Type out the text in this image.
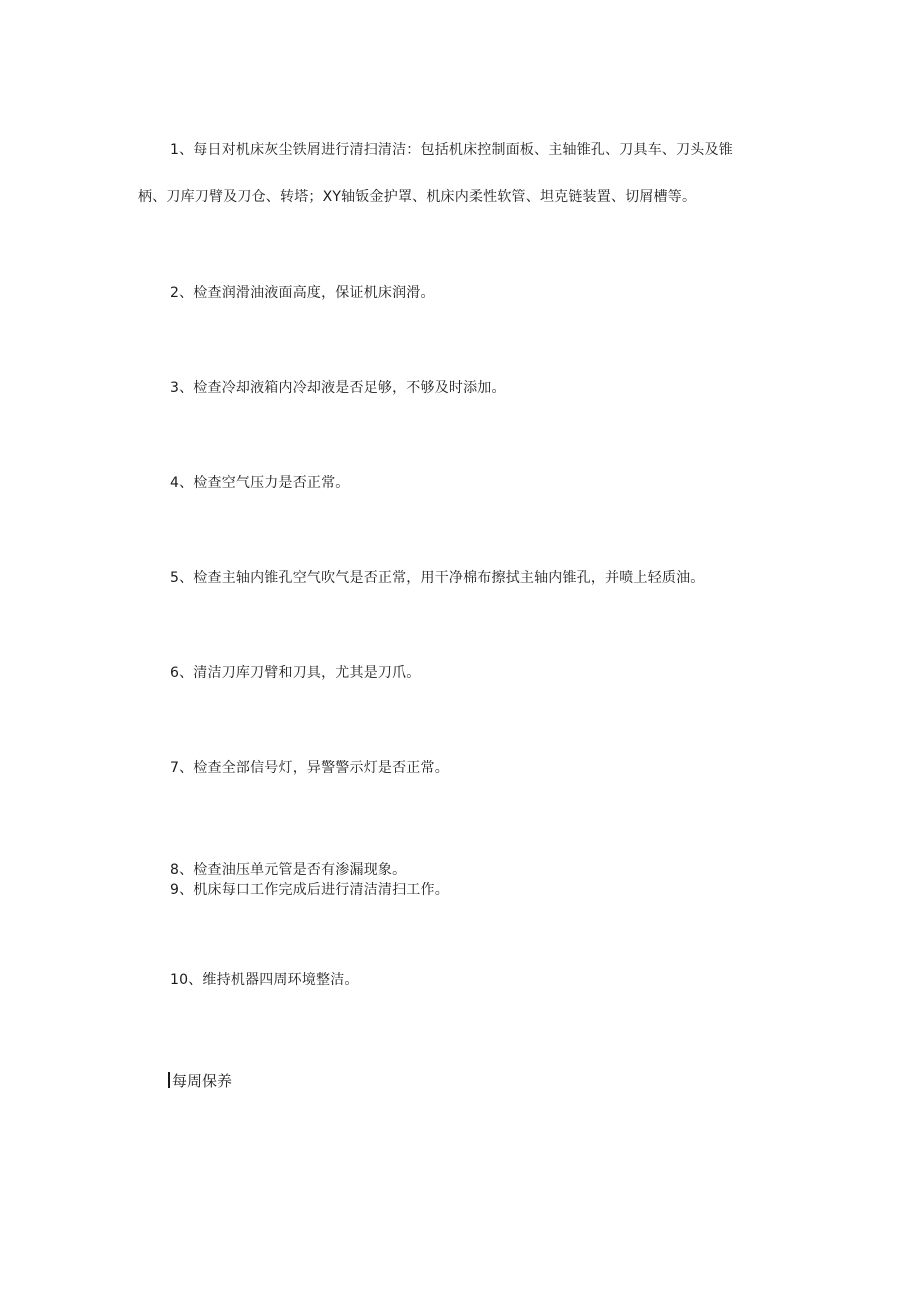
1、每日对机床灰尘铁屑进行清扫清洁：包括机床控制面板、主轴锥孔、刀具车、刀头及锥
柄、刀库刀臂及刀仓、转塔；XY轴钣金护罩、机床内柔性软管、坦克链装置、切屑槽等。
2、检查润滑油液面高度，保证机床润滑。
3、检查冷却液箱内冷却液是否足够，不够及时添加。
4、检查空气压力是否正常。
5、检查主轴内锥孔空气吹气是否正常，用干净棉布擦拭主轴内锥孔，并喷上轻质油。
6、清洁刀库刀臂和刀具，尤其是刀爪。
7、检查全部信号灯，异警警示灯是否正常。
8、检查油压单元管是否有渗漏现象。
9、机床每口工作完成后进行清洁清扫工作。
10、维持机器四周环境整洁。
每周保养
